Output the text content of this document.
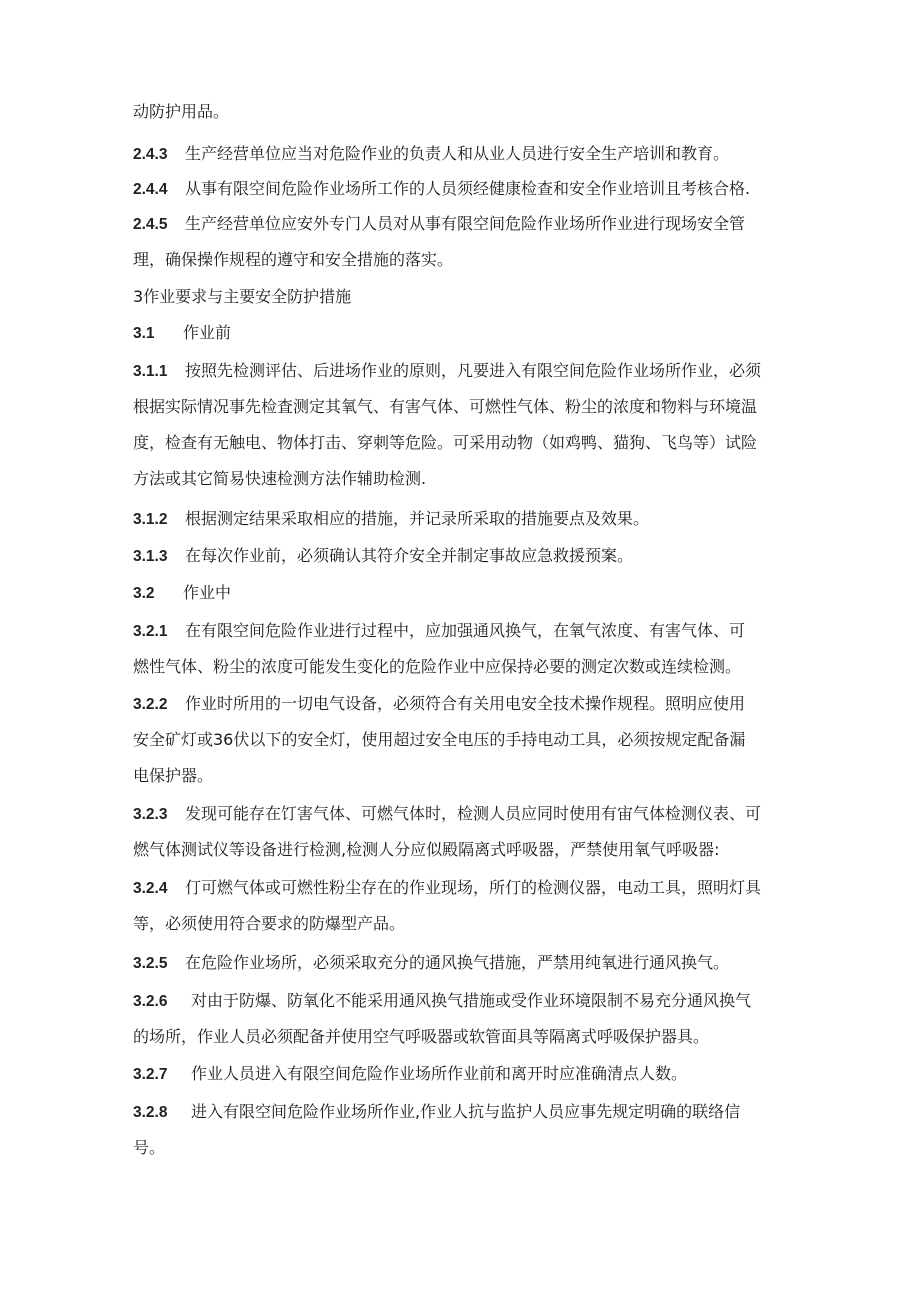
动防护用品。
2.4.3 生产经营单位应当对危险作业的负责人和从业人员进行安全生产培训和教育。
2.4.4 从事有限空间危险作业场所工作的人员须经健康检查和安全作业培训且考核合格.
2.4.5 生产经营单位应安外专门人员对从事有限空间危险作业场所作业进行现场安全管
理，确保操作规程的遵守和安全措施的落实。
3作业要求与主要安全防护措施
3.1 作业前
3.1.1 按照先检测评估、后进场作业的原则，凡要进入有限空间危险作业场所作业，必须
根据实际情况事先检査测定其氧气、有害气体、可燃性气体、粉尘的浓度和物料与环境温
度，检查有无触电、物体打击、穿刺等危险。可采用动物（如鸡鸭、猫狗、飞鸟等）试险
方法或其它简易快速检测方法作辅助检测.
3.1.2 根据测定结果采取相应的措施，并记录所采取的措施要点及效果。
3.1.3 在每次作业前，必须确认其符介安全并制定事故应急救援预案。
3.2 作业中
3.2.1 在有限空间危险作业进行过程中，应加强通风换气，在氧气浓度、有害气体、可
燃性气体、粉尘的浓度可能发生变化的危险作业中应保持必要的测定次数或连续检测。
3.2.2 作业时所用的一切电气设备，必须符合有关用电安全技术操作规程。照明应使用
安全矿灯或36伏以下的安全灯，使用超过安全电压的手持电动工具，必须按规定配备漏
电保护器。
3.2.3 发现可能存在饤害气体、可燃气体时，检测人员应同时使用有宙气体检测仪表、可
燃气体测试仪等设备进行检测,检测人分应似殿隔离式呼吸器，严禁使用氧气呼吸器:
3.2.4 仃可燃气体或可燃性粉尘存在的作业现场，所仃的检测仪器，电动工具，照明灯具
等，必须使用符合要求的防爆型产品。
3.2.5 在危险作业场所，必须采取充分的通风换气措施，严禁用纯氧进行通风换气。
3.2.6 对由于防爆、防氧化不能采用通风换气措施或受作业环境限制不易充分通风换气
的场所，作业人员必须配备并使用空气呼吸器或软管面具等隔离式呼吸保护器具。
3.2.7 作业人员进入有限空间危险作业场所作业前和离开时应准确清点人数。
3.2.8 进入有限空间危险作业场所作业,作业人抗与监护人员应事先规定明确的联络信
号。
